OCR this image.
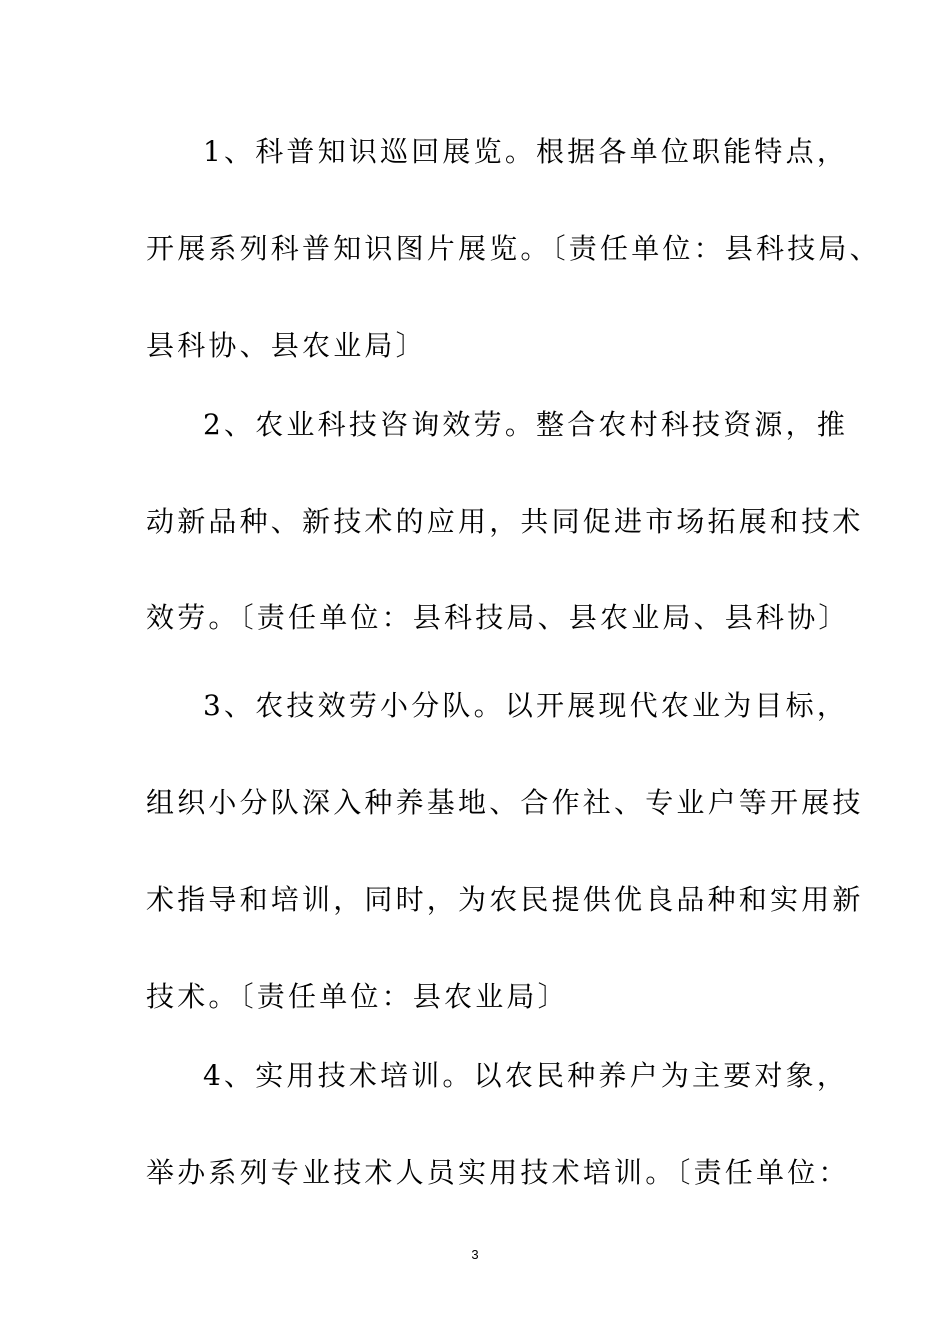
1、科普知识巡回展览。根据各单位职能特点，
开展系列科普知识图片展览。〔责任单位：县科技局、
县科协、县农业局〕
2、农业科技咨询效劳。整合农村科技资源，推
动新品种、新技术的应用，共同促进市场拓展和技术
效劳。〔责任单位：县科技局、县农业局、县科协〕
3、农技效劳小分队。以开展现代农业为目标，
组织小分队深入种养基地、合作社、专业户等开展技
术指导和培训，同时，为农民提供优良品种和实用新
技术。〔责任单位：县农业局〕
4、实用技术培训。以农民种养户为主要对象，
举办系列专业技术人员实用技术培训。〔责任单位：
3
